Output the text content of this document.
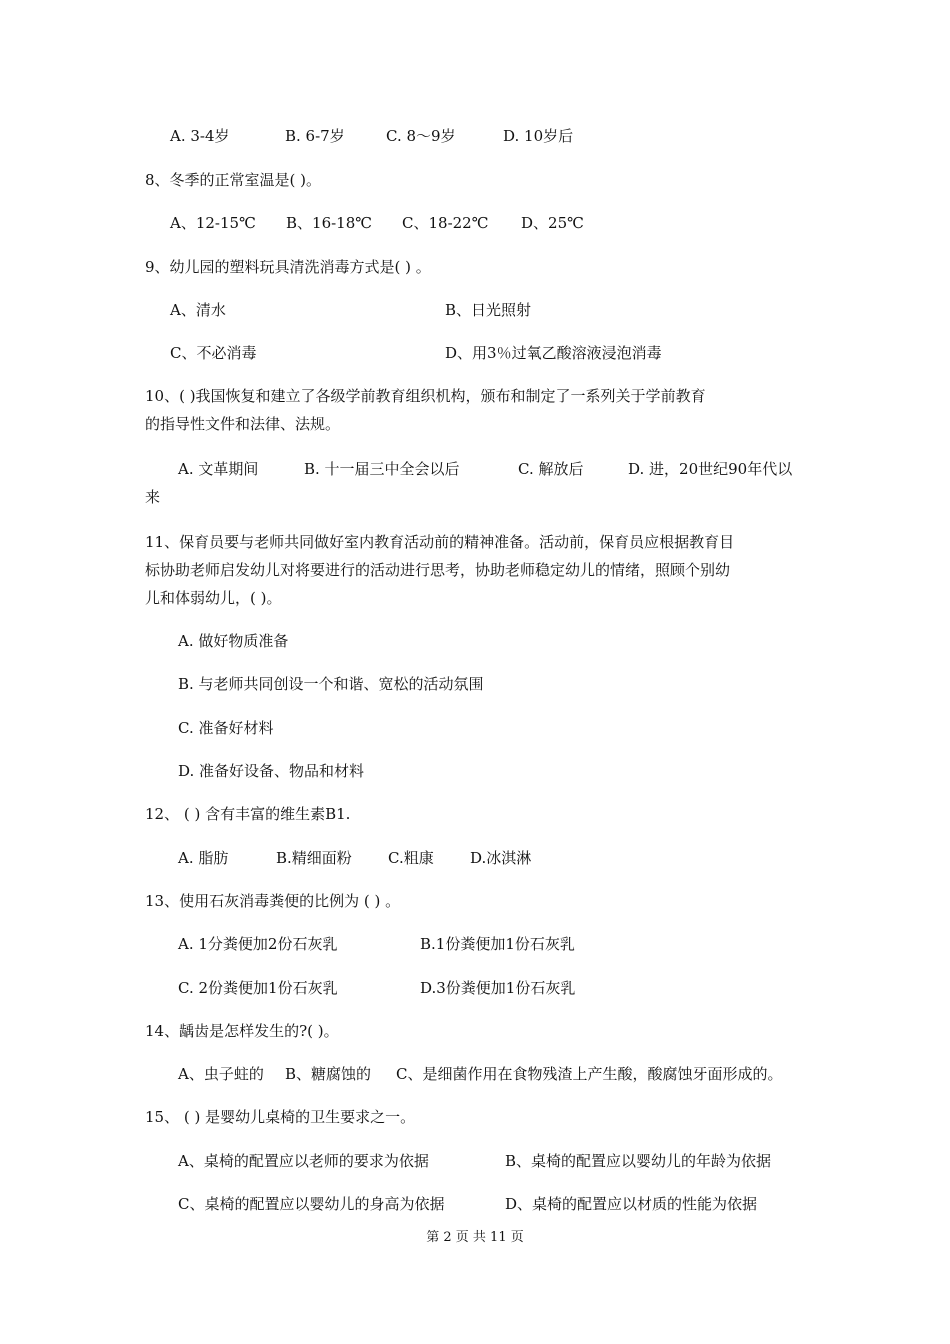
A. 3-4岁	B. 6-7岁	C. 8～9岁	D. 10岁后
8、冬季的正常室温是( )。
A、12-15℃ B、16-18℃ C、18-22℃ D、25℃
9、幼儿园的塑料玩具清洗消毒方式是( ) 。
A、清水	B、日光照射
C、不必消毒	D、用3％过氧乙酸溶液浸泡消毒
10、( )我国恢复和建立了各级学前教育组织机构，颁布和制定了一系列关于学前教育
的指导性文件和法律、法规。
A. 文革期间	B. 十一届三中全会以后	C. 解放后	D. 进，20世纪90年代以
来
11、保育员要与老师共同做好室内教育活动前的精神准备。活动前，保育员应根据教育目
标协助老师启发幼儿对将要进行的活动进行思考，协助老师稳定幼儿的情绪，照顾个别幼
儿和体弱幼儿，( )。
A. 做好物质准备
B. 与老师共同创设一个和谐、宽松的活动氛围
C. 准备好材料
D. 准备好设备、物品和材料
12、 ( ) 含有丰富的维生素B1.
A. 脂肪	B.精细面粉 C.粗康 D.冰淇淋
13、使用石灰消毒粪便的比例为 ( ) 。
A. 1分粪便加2份石灰乳	B.1份粪便加1份石灰乳
C. 2份粪便加1份石灰乳	D.3份粪便加1份石灰乳
14、龋齿是怎样发生的?( )。
A、虫子蛀的 B、糖腐蚀的 C、是细菌作用在食物残渣上产生酸，酸腐蚀牙面形成的。
15、 ( ) 是婴幼儿桌椅的卫生要求之一。
A、桌椅的配置应以老师的要求为依据	B、桌椅的配置应以婴幼儿的年龄为依据
C、桌椅的配置应以婴幼儿的身高为依据	D、桌椅的配置应以材质的性能为依据
第 2 页 共 11 页
